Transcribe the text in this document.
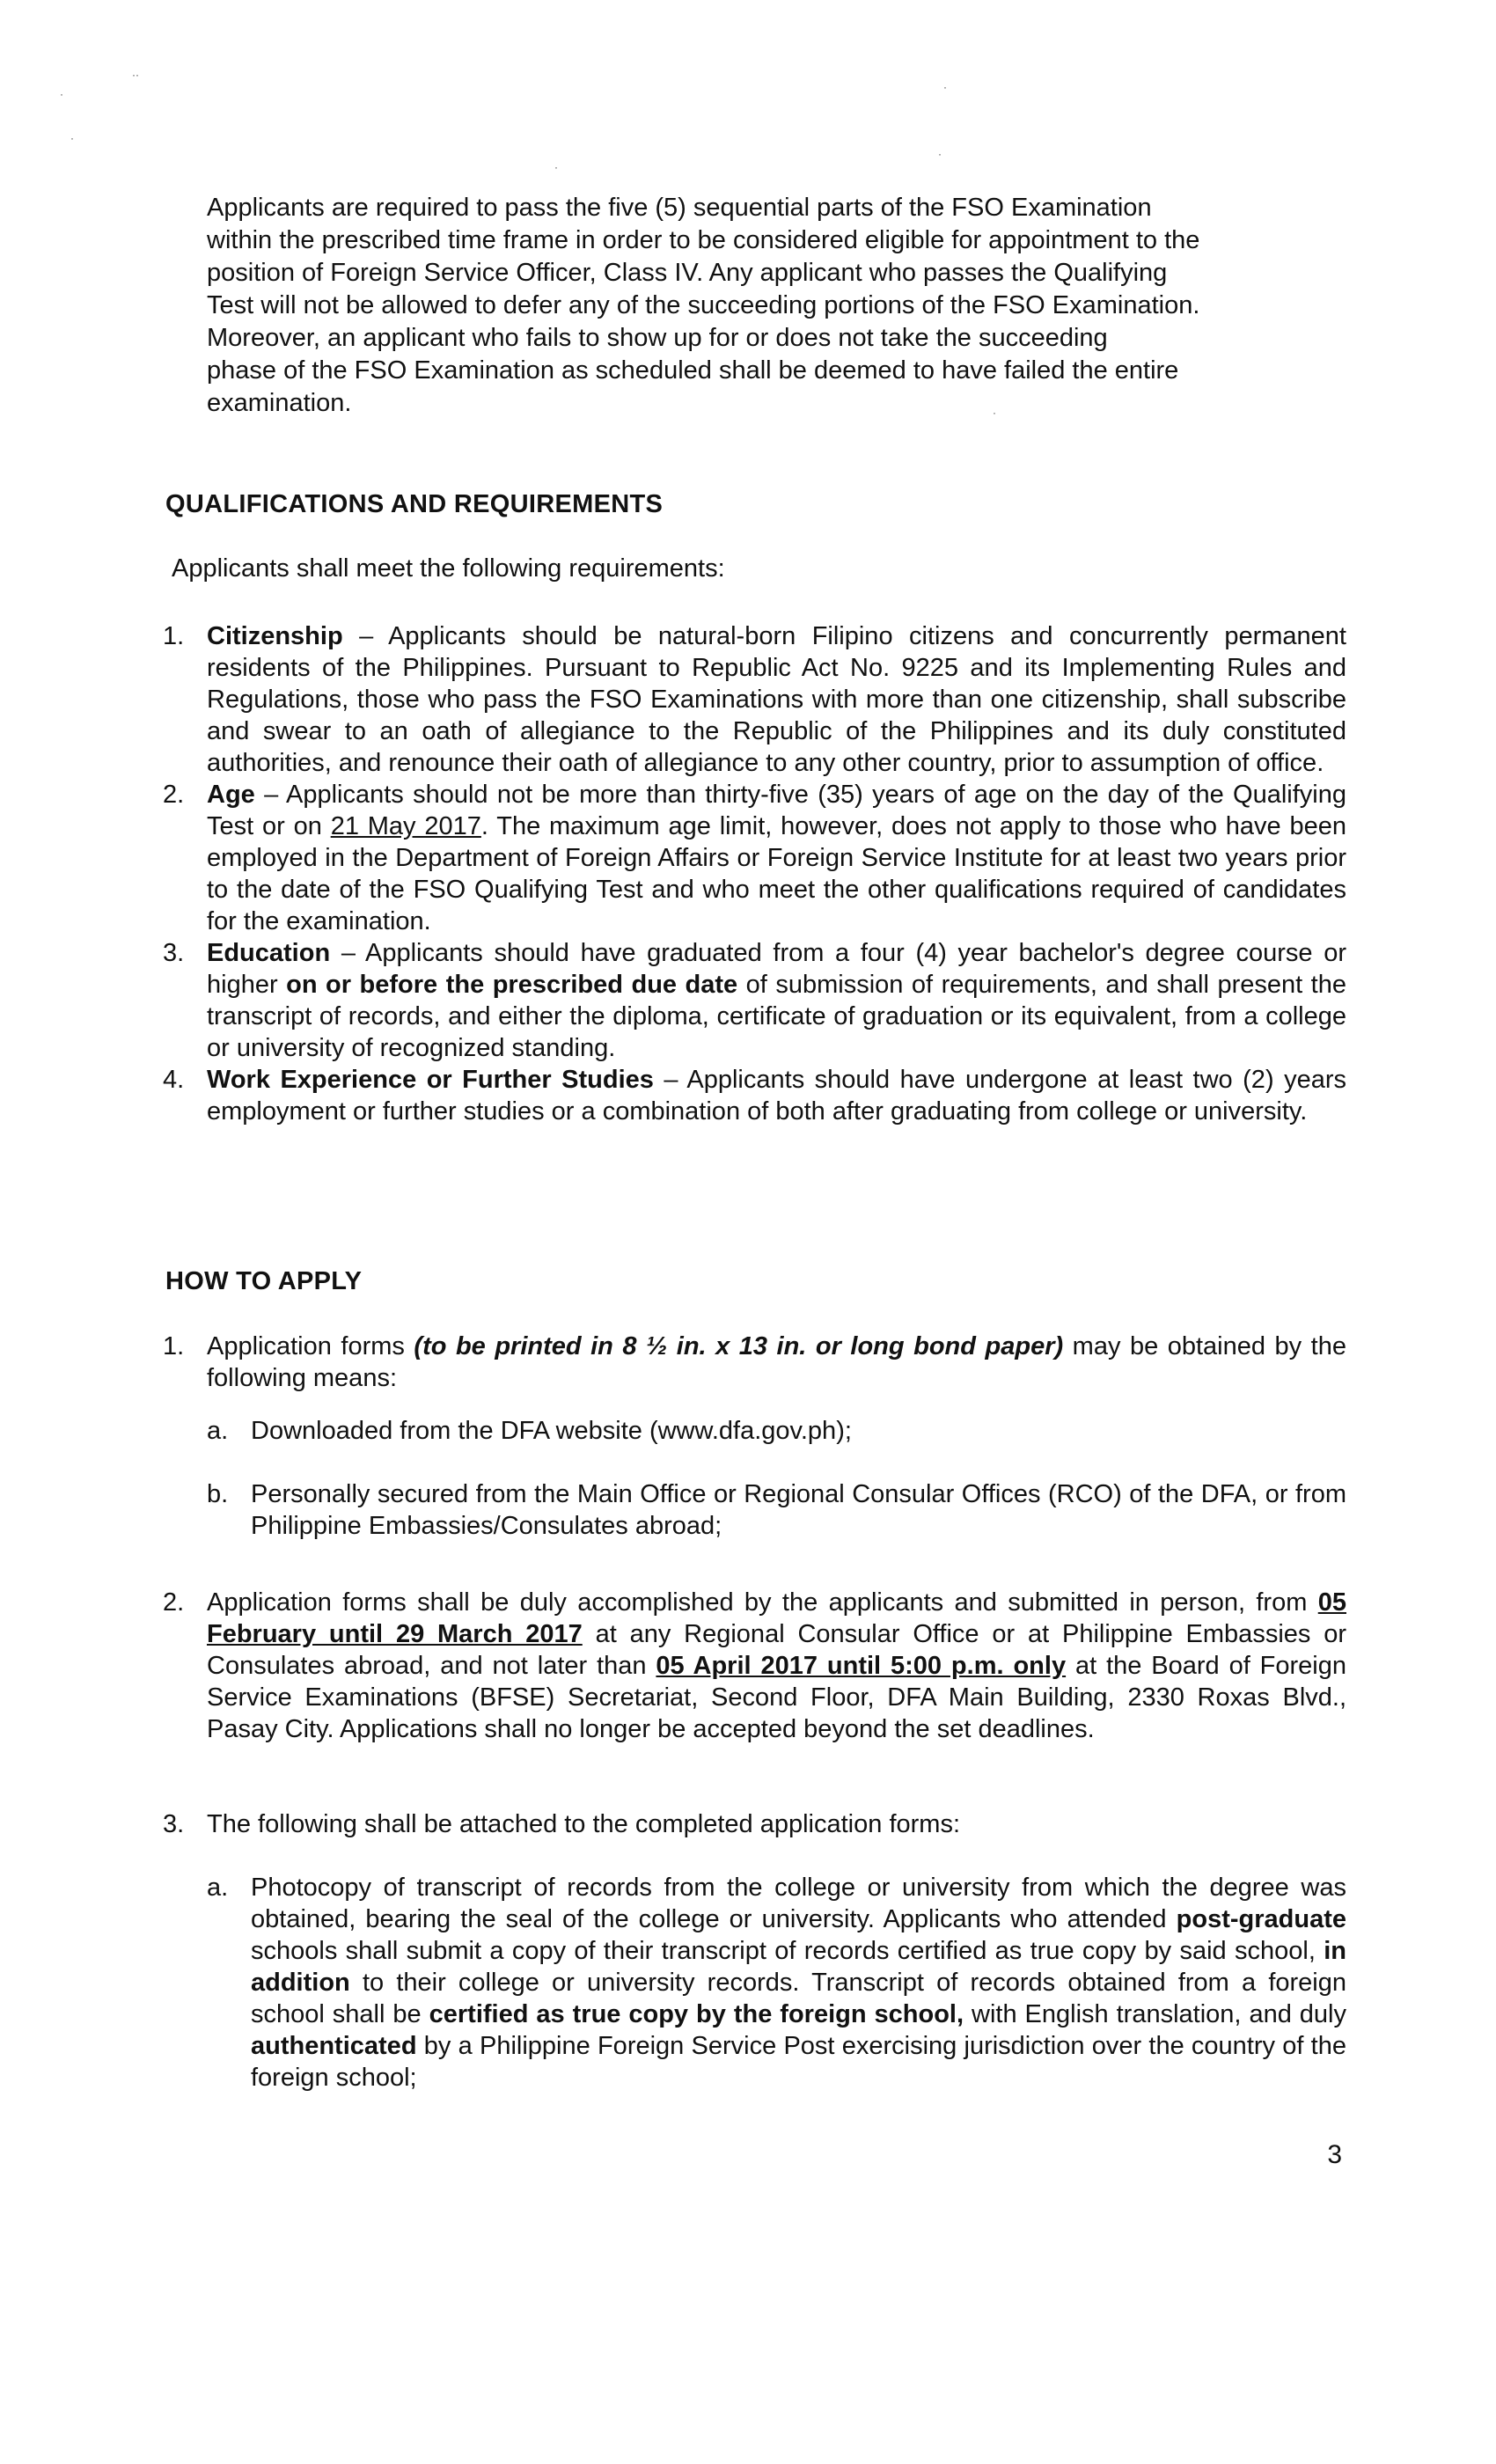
·
··
·
·
·
·
·

Applicants are required to pass the five (5) sequential parts of the FSO Examination

within the prescribed time frame in order to be considered eligible for appointment to the

position of Foreign Service Officer, Class IV. Any applicant who passes the Qualifying

Test will not be allowed to defer any of the succeeding portions of the FSO Examination.

Moreover, an applicant who fails to show up for or does not take the succeeding

phase of the FSO Examination as scheduled shall be deemed to have failed the entire

examination.

QUALIFICATIONS AND REQUIREMENTS
Applicants shall meet the following requirements:
1. Citizenship – Applicants should be natural-born Filipino citizens and concurrently permanent residents of the Philippines. Pursuant to Republic Act No. 9225 and its Implementing Rules and Regulations, those who pass the FSO Examinations with more than one citizenship, shall subscribe and swear to an oath of allegiance to the Republic of the Philippines and its duly constituted authorities, and renounce their oath of allegiance to any other country, prior to assumption of office.
2. Age – Applicants should not be more than thirty-five (35) years of age on the day of the Qualifying Test or on 21 May 2017. The maximum age limit, however, does not apply to those who have been employed in the Department of Foreign Affairs or Foreign Service Institute for at least two years prior to the date of the FSO Qualifying Test and who meet the other qualifications required of candidates for the examination.
3. Education – Applicants should have graduated from a four (4) year bachelor's degree course or higher on or before the prescribed due date of submission of requirements, and shall present the transcript of records, and either the diploma, certificate of graduation or its equivalent, from a college or university of recognized standing.
4. Work Experience or Further Studies – Applicants should have undergone at least two (2) years employment or further studies or a combination of both after graduating from college or university.
HOW TO APPLY
1. Application forms (to be printed in 8 ½ in. x 13 in. or long bond paper) may be obtained by the following means:
a. Downloaded from the DFA website (www.dfa.gov.ph);
b. Personally secured from the Main Office or Regional Consular Offices (RCO) of the DFA, or from Philippine Embassies/Consulates abroad;
2. Application forms shall be duly accomplished by the applicants and submitted in person, from 05 February until 29 March 2017 at any Regional Consular Office or at Philippine Embassies or Consulates abroad, and not later than 05 April 2017 until 5:00 p.m. only at the Board of Foreign Service Examinations (BFSE) Secretariat, Second Floor, DFA Main Building, 2330 Roxas Blvd., Pasay City. Applications shall no longer be accepted beyond the set deadlines.
3. The following shall be attached to the completed application forms:
a. Photocopy of transcript of records from the college or university from which the degree was obtained, bearing the seal of the college or university. Applicants who attended post-graduate schools shall submit a copy of their transcript of records certified as true copy by said school, in addition to their college or university records. Transcript of records obtained from a foreign school shall be certified as true copy by the foreign school, with English translation, and duly authenticated by a Philippine Foreign Service Post exercising jurisdiction over the country of the foreign school;
3
